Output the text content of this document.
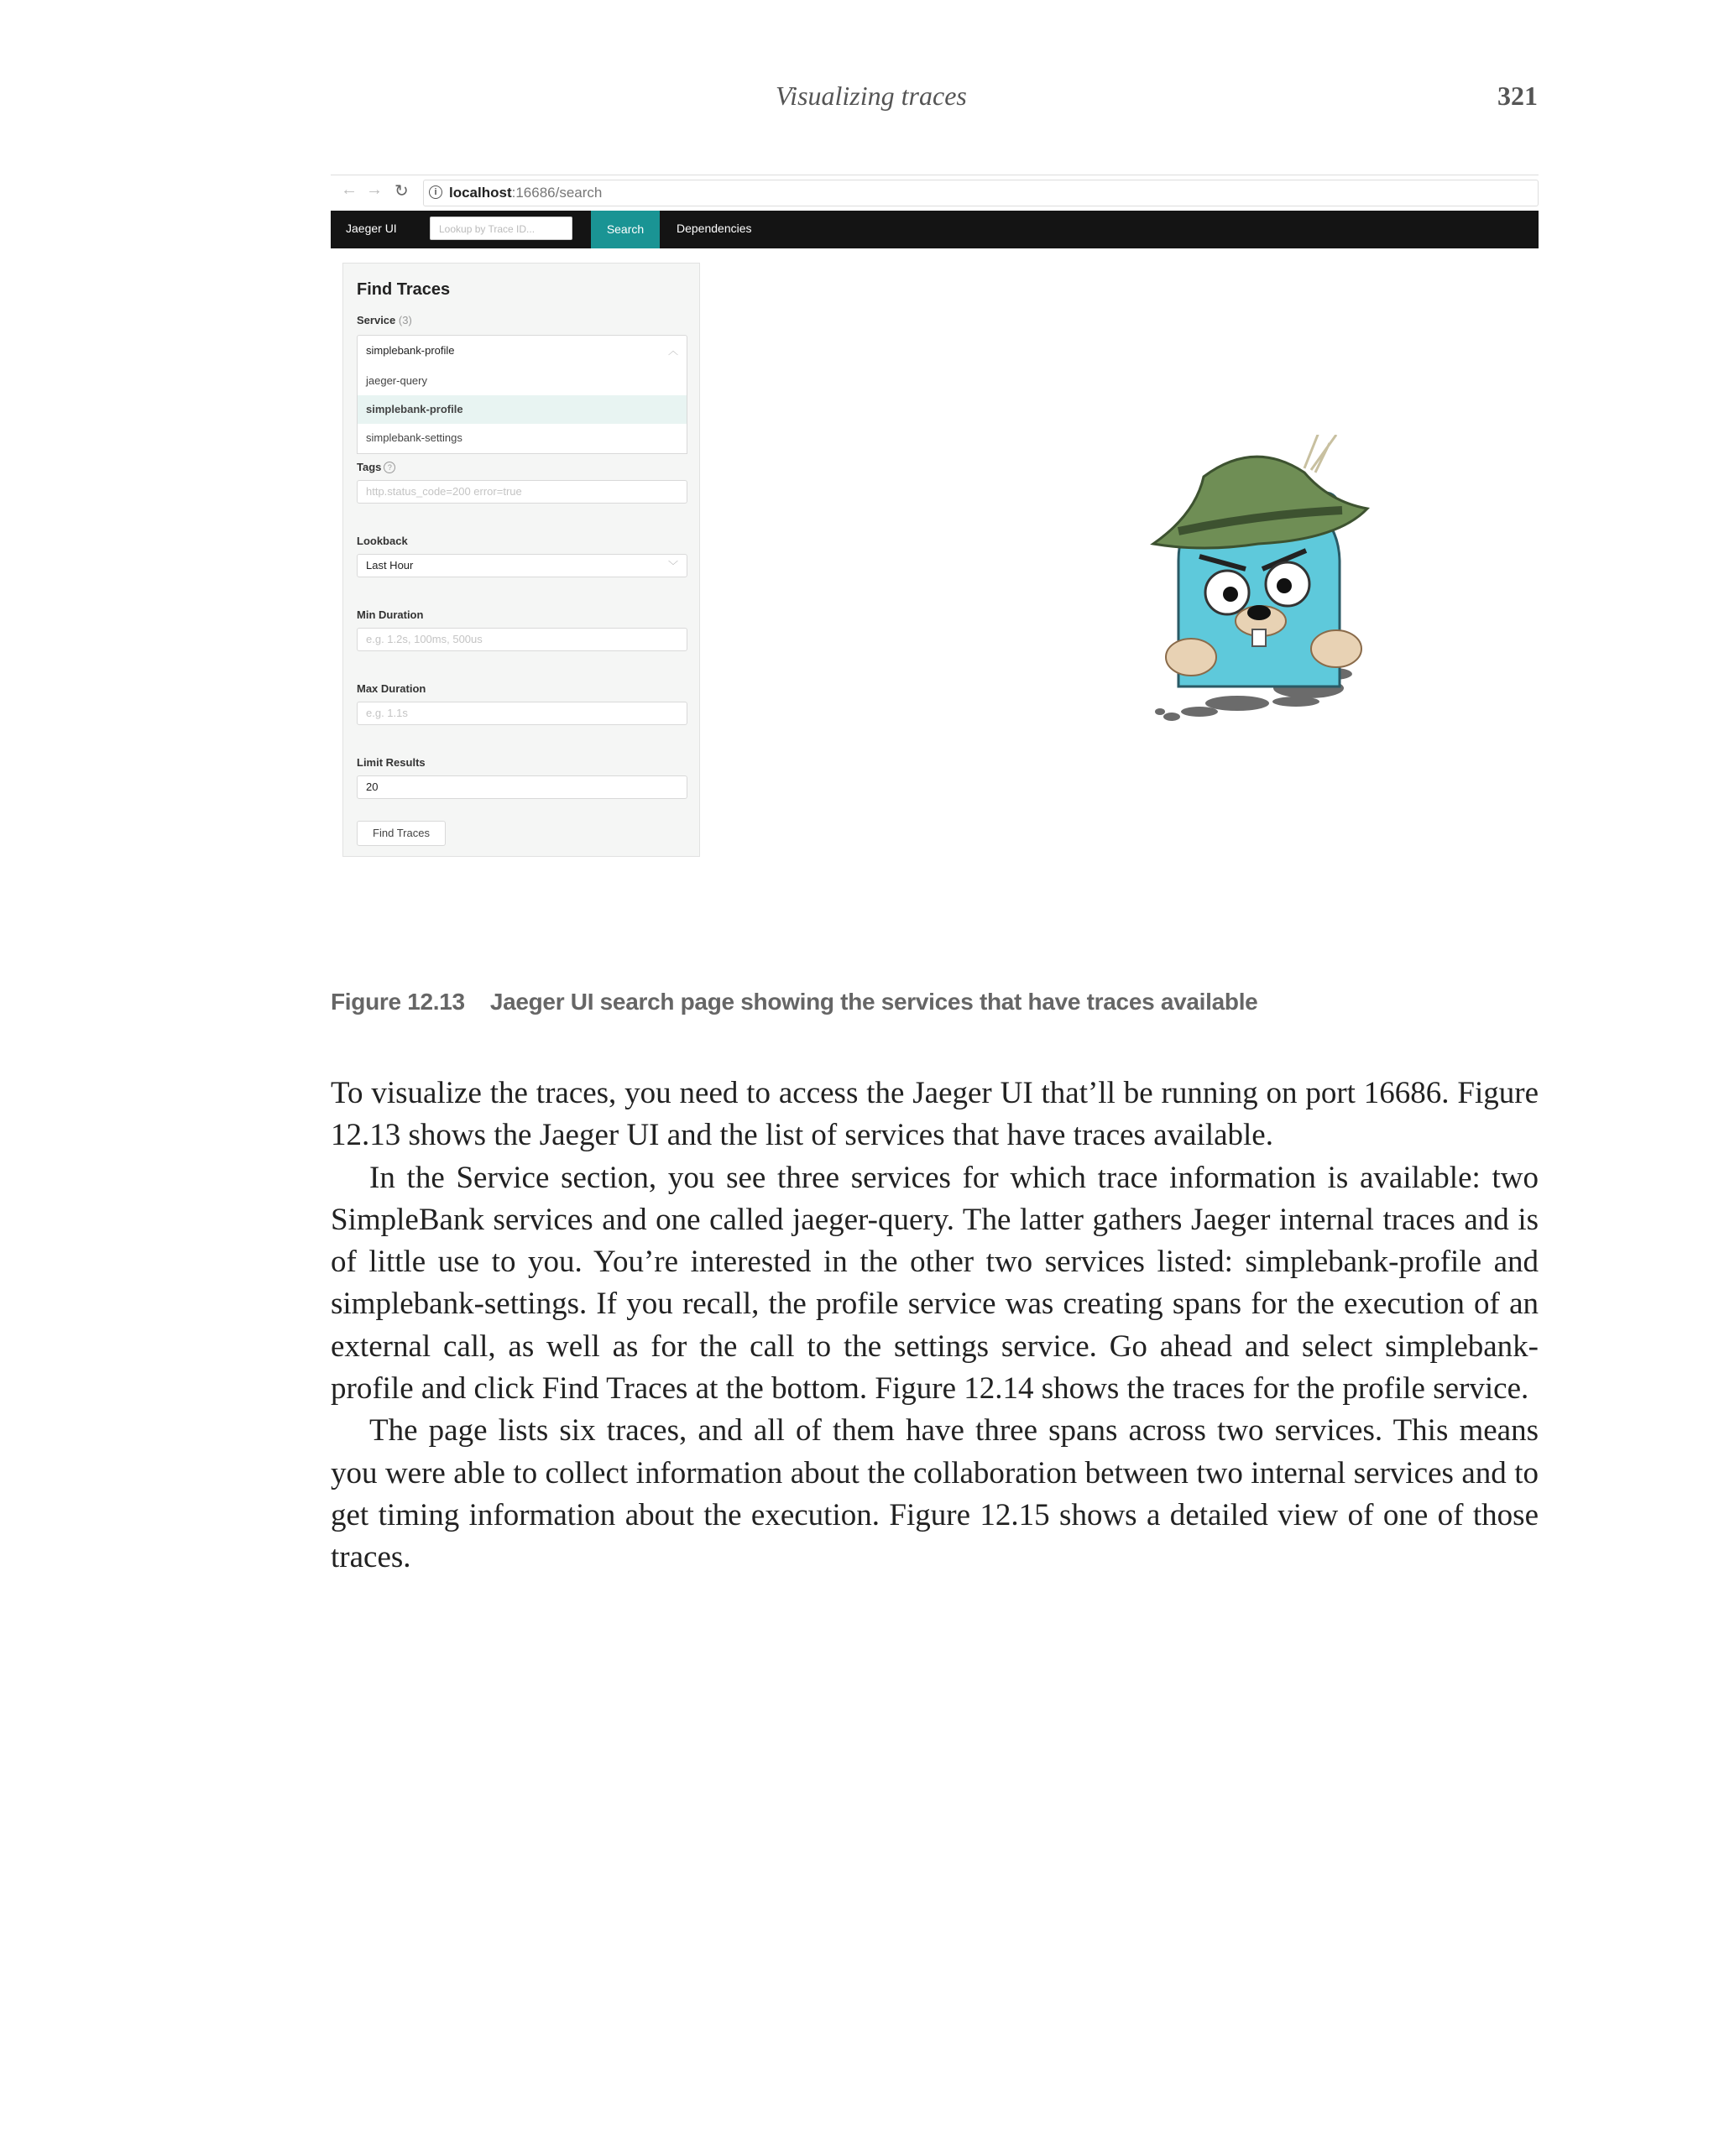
Visualizing traces	321
← → ↻	i localhost:16686/search
Jaeger UI	Lookup by Trace ID...	Search	Dependencies
Find Traces
Service (3)
simplebank-profile	︿
jaeger-query
simplebank-profile
simplebank-settings
Tags ?
http.status_code=200 error=true
Lookback
Last Hour	﹀
Min Duration
e.g. 1.2s, 100ms, 500us
Max Duration
e.g. 1.1s
Limit Results
20
Find Traces
Figure 12.13 Jaeger UI search page showing the services that have traces available

To visualize the traces, you need to access the Jaeger UI that’ll be running on port 16686. Figure 12.13 shows the Jaeger UI and the list of services that have traces available.

In the Service section, you see three services for which trace information is available: two SimpleBank services and one called jaeger-query. The latter gathers Jaeger internal traces and is of little use to you. You’re interested in the other two services listed: simplebank-profile and simplebank-settings. If you recall, the profile service was creating spans for the execution of an external call, as well as for the call to the settings service. Go ahead and select simplebank-profile and click Find Traces at the bottom. Figure 12.14 shows the traces for the profile service.

The page lists six traces, and all of them have three spans across two services. This means you were able to collect information about the collaboration between two internal services and to get timing information about the execution. Figure 12.15 shows a detailed view of one of those traces.
